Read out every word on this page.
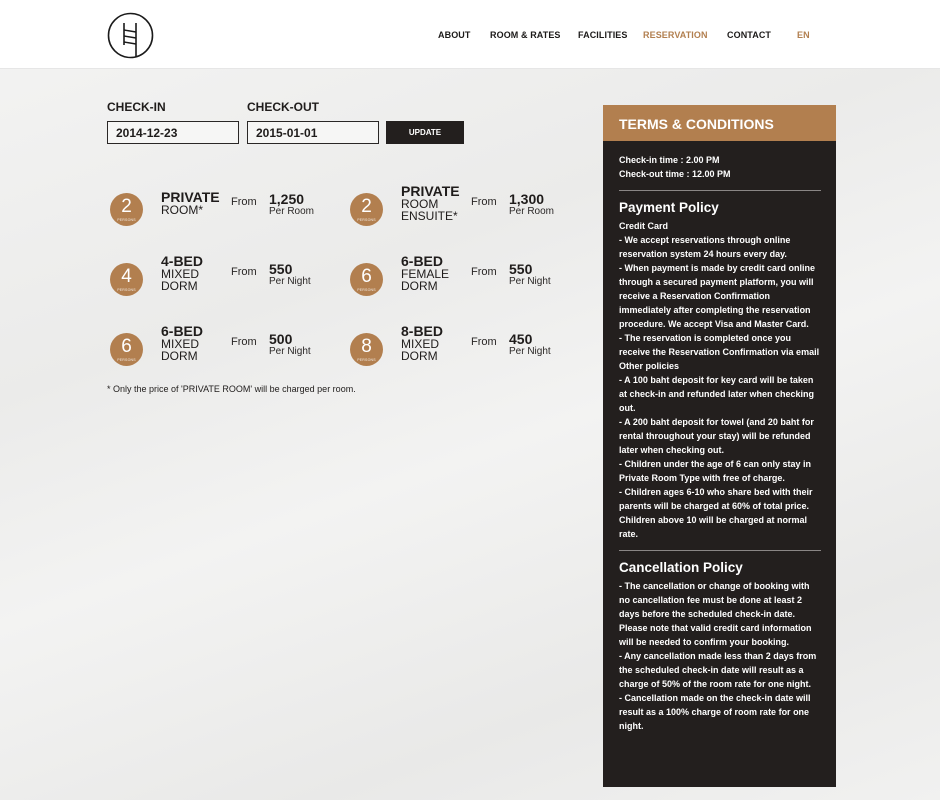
ABOUT ROOM & RATES FACILITIES RESERVATION CONTACT	EN
CHECK-IN	CHECK-OUT
2014-12-23
2015-01-01
UPDATE
2
PERSONS
PRIVATE
ROOM*
From 1,250
Per Room	2
PERSONS
PRIVATE
ROOM
ENSUITE*
From 1,300
Per Room
4
PERSONS
4-BED
MIXED
DORM
From 550
Per Night	6
PERSONS
6-BED
FEMALE
DORM
From 550
Per Night
6
PERSONS
6-BED
MIXED
DORM
From 500
Per Night	8
PERSONS
8-BED
MIXED
DORM
From 450
Per Night
* Only the price of 'PRIVATE ROOM' will be charged per room.
TERMS & CONDITIONS

Check-in time : 2.00 PM

Check-out time : 12.00 PM

Payment Policy

Credit Card

- We accept reservations through online reservation system 24 hours every day.

- When payment is made by credit card online through a secured payment platform, you will receive a Reservation Confirmation immediately after completing the reservation procedure. We accept Visa and Master Card.

- The reservation is completed once you receive the Reservation Confirmation via email

Other policies

- A 100 baht deposit for key card will be taken at check-in and refunded later when checking out.

- A 200 baht deposit for towel (and 20 baht for rental throughout your stay) will be refunded later when checking out.

- Children under the age of 6 can only stay in Private Room Type with free of charge.

- Children ages 6-10 who share bed with their parents will be charged at 60% of total price. Children above 10 will be charged at normal rate.

Cancellation Policy

- The cancellation or change of booking with no cancellation fee must be done at least 2 days before the scheduled check-in date. Please note that valid credit card information will be needed to confirm your booking.

- Any cancellation made less than 2 days from the scheduled check-in date will result as a charge of 50% of the room rate for one night.

- Cancellation made on the check-in date will result as a 100% charge of room rate for one night.
